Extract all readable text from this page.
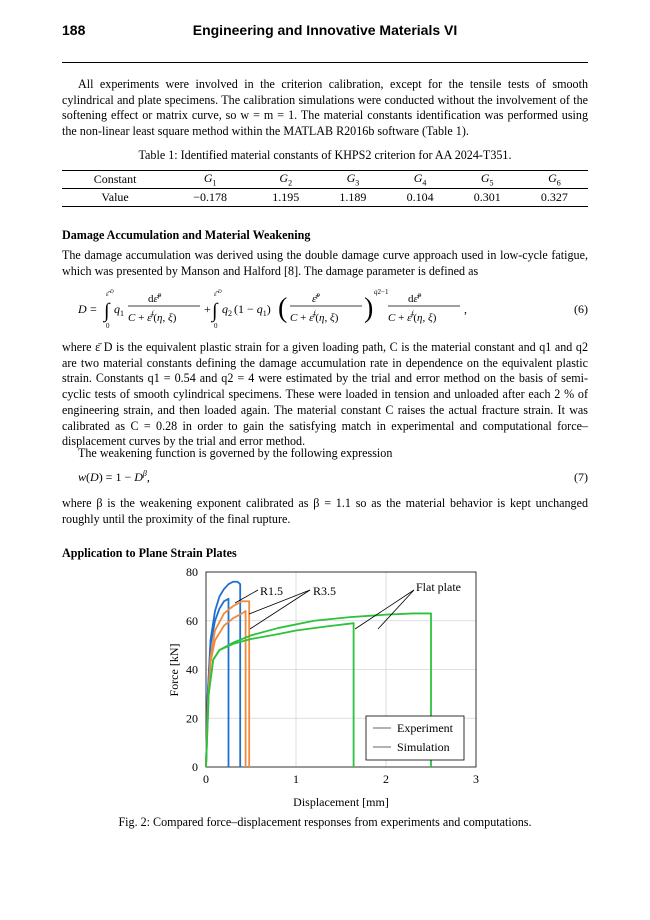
188	Engineering and Innovative Materials VI
All experiments were involved in the criterion calibration, except for the tensile tests of smooth cylindrical and plate specimens. The calibration simulations were conducted without the involvement of the softening effect or matrix curve, so w = m = 1. The material constants identification was performed using the non-linear least square method within the MATLAB R2016b software (Table 1).
Table 1: Identified material constants of KHPS2 criterion for AA 2024-T351.
Constant	$G_1$	$G_2$	$G_3$	$G_4$	$G_5$	$G_6$
Value	−0.178	1.195	1.189	0.104	0.301	0.327
Damage Accumulation and Material Weakening
The damage accumulation was derived using the double damage curve approach used in low-cycle fatigue, which was presented by Manson and Halford [8]. The damage parameter is defined as
D = ∫
ε̄ D
0
q 1
dε̄$^p$
C + ε̄$^f$(η, ξ)
+ ∫
ε̄ D
0
q 2 $(1 - q_1)$ ( ε̄$^p$
C + ε̄$^f$(η, ξ) )
q2−1
dε̄$^p$
C + ε̄$^f$(η, ξ)
,	(6)
where ε̄ D is the equivalent plastic strain for a given loading path, C is the material constant and q1 and q2 are two material constants defining the damage accumulation rate in dependence on the equivalent plastic strain. Constants q1 = 0.54 and q2 = 4 were estimated by the trial and error method on the basis of semi-cyclic tests of smooth cylindrical specimens. These were loaded in tension and unloaded after each 2 % of engineering strain, and then loaded again. The material constant C raises the actual fracture strain. It was calibrated as C = 0.28 in order to gain the satisfying match in experimental and computational force–displacement curves by the trial and error method.
The weakening function is governed by the following expression
$w(D) = 1 - D^\beta$,	(7)
where β is the weakening exponent calibrated as β = 1.1 so as the material behavior is kept unchanged roughly until the proximity of the final rupture.
Application to Plane Strain Plates
0	1	2	3
0
20
40
60
80
Displacement [mm]
Force [kN]
R1.5 R3.5	Flat plate
Experiment
Simulation
Fig. 2: Compared force–displacement responses from experiments and computations.
